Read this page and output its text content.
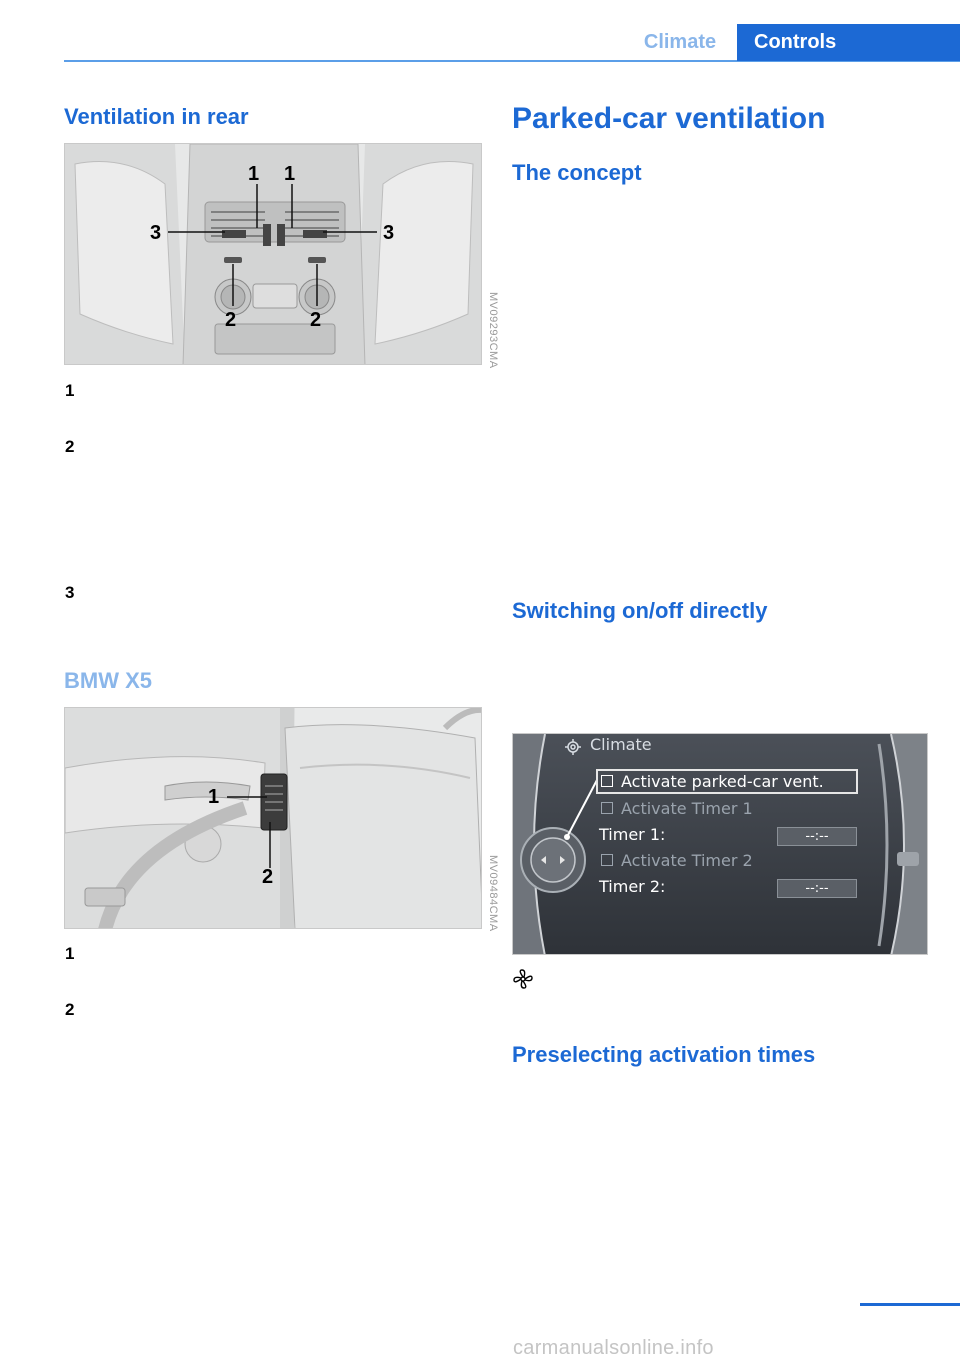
Climate	Controls
Ventilation in rear
1 1
3	3
2	2	MV09293CMA
1
2
3
BMW X5
1
2	MV09484CMA
1
2
Parked-car ventilation
The concept
Switching on/off directly
Climate
Activate parked-car vent.
Activate Timer 1
Timer 1:	--:--
Activate Timer 2
Timer 2:	--:--
Preselecting activation times
carmanualsonline.info
